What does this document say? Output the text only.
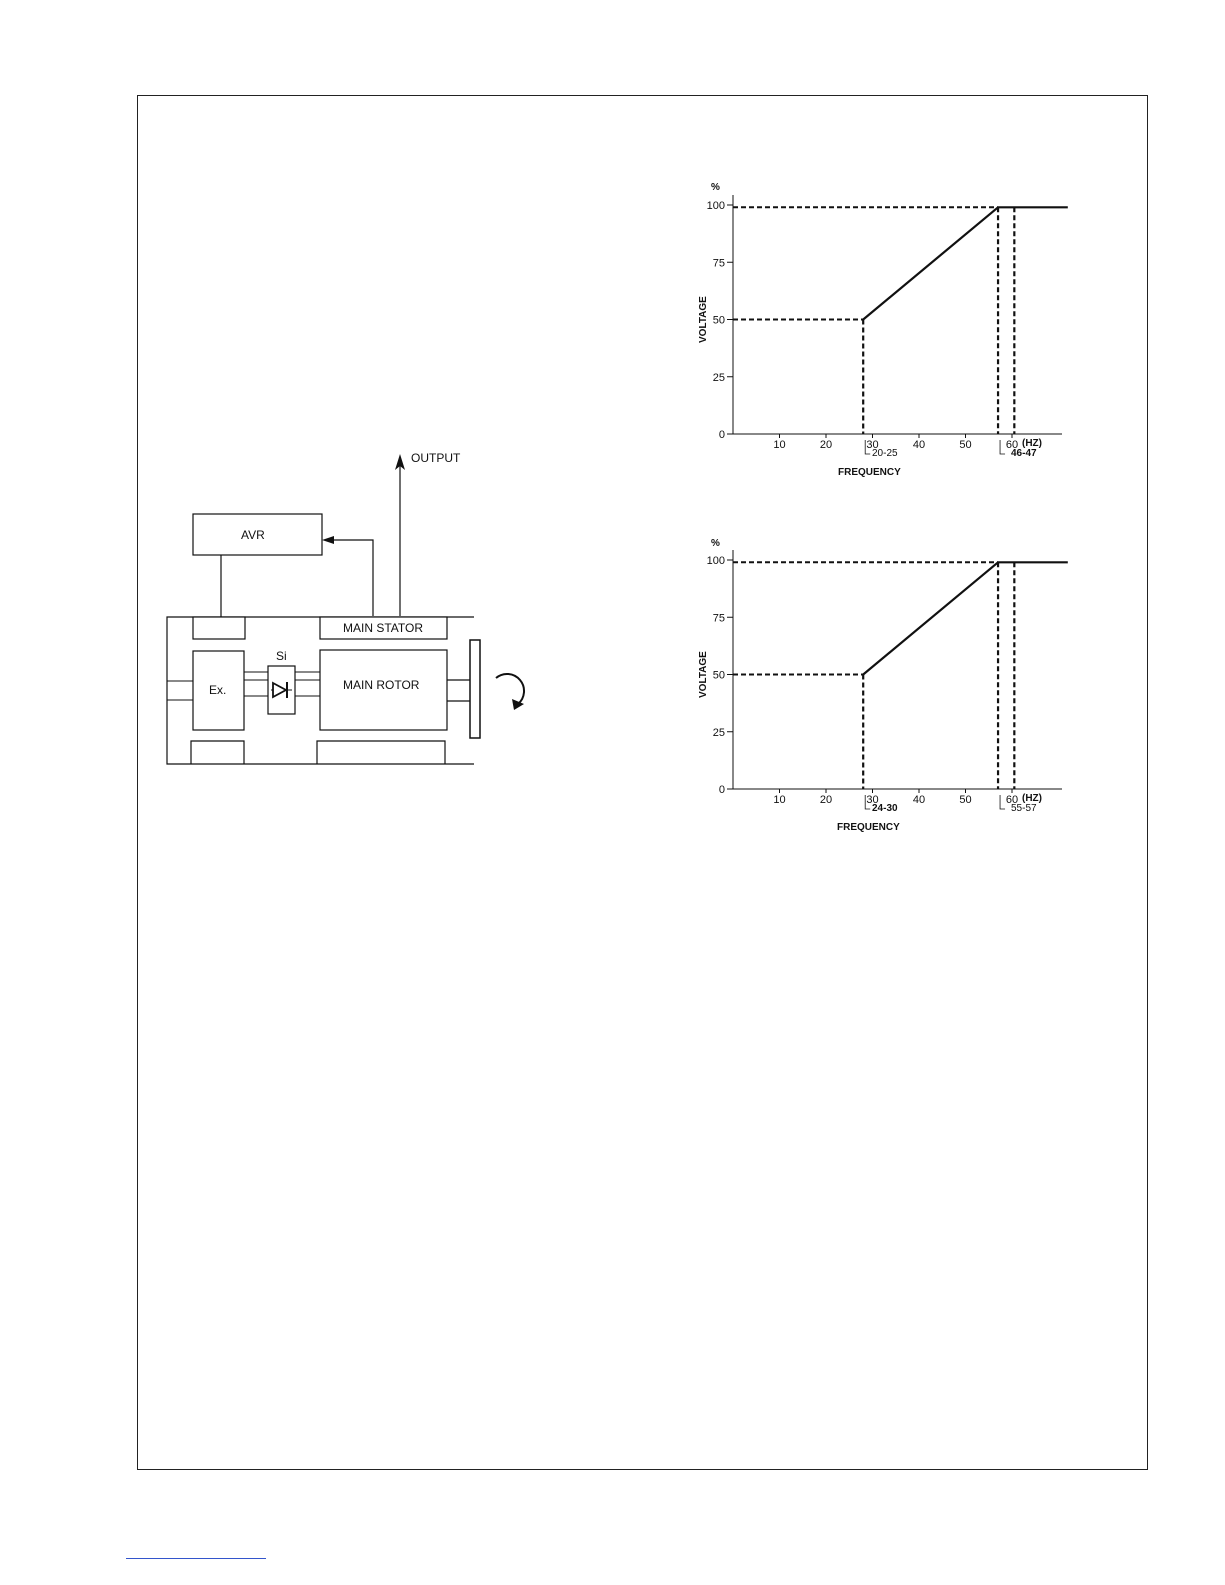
OUTPUT
AVR
MAIN STATOR
Ex.
Si
MAIN ROTOR
%
VOLTAGE
FREQUENCY
(HZ)
20-25	46-47
0
25
50
75
100
10	20	30	40	50	60
%
VOLTAGE
FREQUENCY
(HZ)
24-30	55-57
0
25
50
75
100
10	20	30	40	50	60
